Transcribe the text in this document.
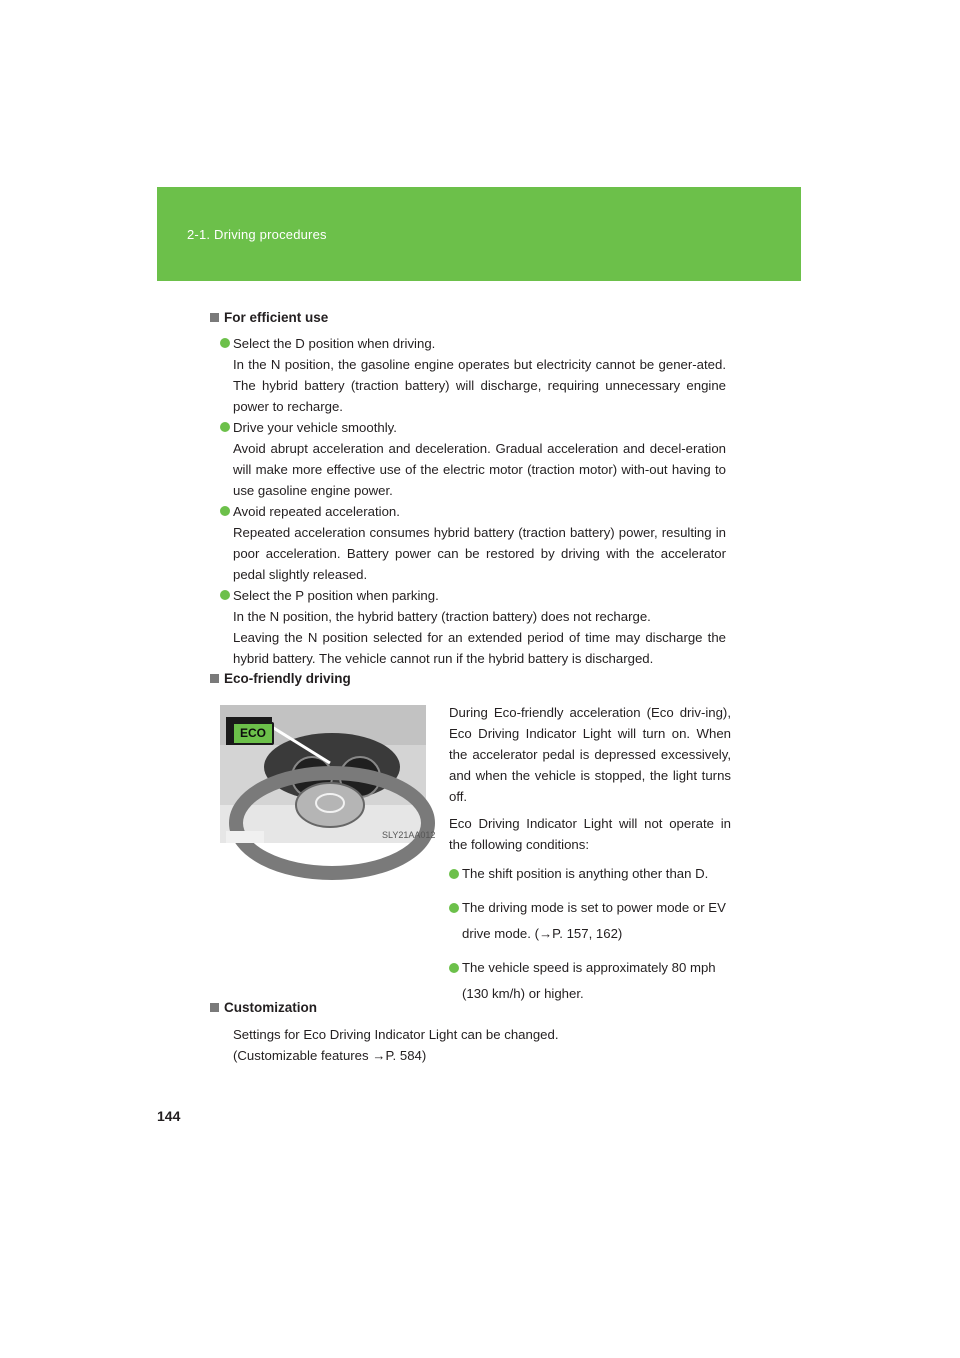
2-1. Driving procedures
For efficient use

Select the D position when driving.

In the N position, the gasoline engine operates but electricity cannot be gener-ated. The hybrid battery (traction battery) will discharge, requiring unnecessary engine power to recharge.

Drive your vehicle smoothly.

Avoid abrupt acceleration and deceleration. Gradual acceleration and decel-eration will make more effective use of the electric motor (traction motor) with-out having to use gasoline engine power.

Avoid repeated acceleration.

Repeated acceleration consumes hybrid battery (traction battery) power, resulting in poor acceleration. Battery power can be restored by driving with the accelerator pedal slightly released.

Select the P position when parking.

In the N position, the hybrid battery (traction battery) does not recharge.

Leaving the N position selected for an extended period of time may discharge the hybrid battery. The vehicle cannot run if the hybrid battery is discharged.

Eco-friendly driving
ECO
SLY21AA012

During Eco-friendly acceleration (Eco driv-ing), Eco Driving Indicator Light will turn on. When the accelerator pedal is depressed excessively, and when the vehicle is stopped, the light turns off.

Eco Driving Indicator Light will not operate in the following conditions:

The shift position is anything other than D.
The driving mode is set to power mode or EV drive mode. (→P. 157, 162)
The vehicle speed is approximately 80 mph (130 km/h) or higher.
Customization
Settings for Eco Driving Indicator Light can be changed.
(Customizable features →P. 584)
144
